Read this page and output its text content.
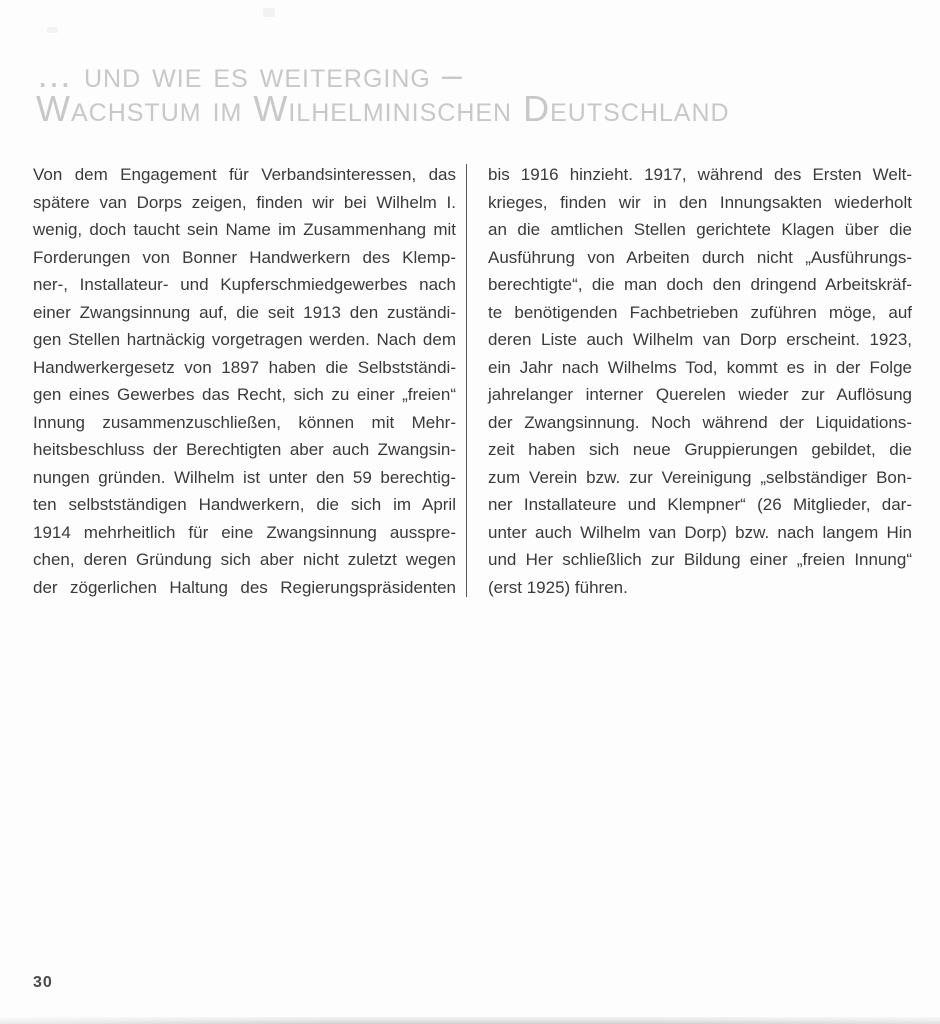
… und wie es weiterging –
Wachstum im Wilhelminischen Deutschland
Von dem Engagement für Verbandsinteressen, das
spätere van Dorps zeigen, finden wir bei Wilhelm I.
wenig, doch taucht sein Name im Zusammenhang mit
Forderungen von Bonner Handwerkern des Klemp-
ner-, Installateur- und Kupferschmiedgewerbes nach
einer Zwangsinnung auf, die seit 1913 den zuständi-
gen Stellen hartnäckig vorgetragen werden. Nach dem
Handwerkergesetz von 1897 haben die Selbstständi-
gen eines Gewerbes das Recht, sich zu einer „freien“
Innung zusammenzuschließen, können mit Mehr-
heitsbeschluss der Berechtigten aber auch Zwangsin-
nungen gründen. Wilhelm ist unter den 59 berechtig-
ten selbstständigen Handwerkern, die sich im April
1914 mehrheitlich für eine Zwangsinnung ausspre-
chen, deren Gründung sich aber nicht zuletzt wegen
der zögerlichen Haltung des Regierungspräsidenten
bis 1916 hinzieht. 1917, während des Ersten Welt-
krieges, finden wir in den Innungsakten wiederholt
an die amtlichen Stellen gerichtete Klagen über die
Ausführung von Arbeiten durch nicht „Ausführungs-
berechtigte“, die man doch den dringend Arbeitskräf-
te benötigenden Fachbetrieben zuführen möge, auf
deren Liste auch Wilhelm van Dorp erscheint. 1923,
ein Jahr nach Wilhelms Tod, kommt es in der Folge
jahrelanger interner Querelen wieder zur Auflösung
der Zwangsinnung. Noch während der Liquidations-
zeit haben sich neue Gruppierungen gebildet, die
zum Verein bzw. zur Vereinigung „selbständiger Bon-
ner Installateure und Klempner“ (26 Mitglieder, dar-
unter auch Wilhelm van Dorp) bzw. nach langem Hin
und Her schließlich zur Bildung einer „freien Innung“
(erst 1925) führen.
30
